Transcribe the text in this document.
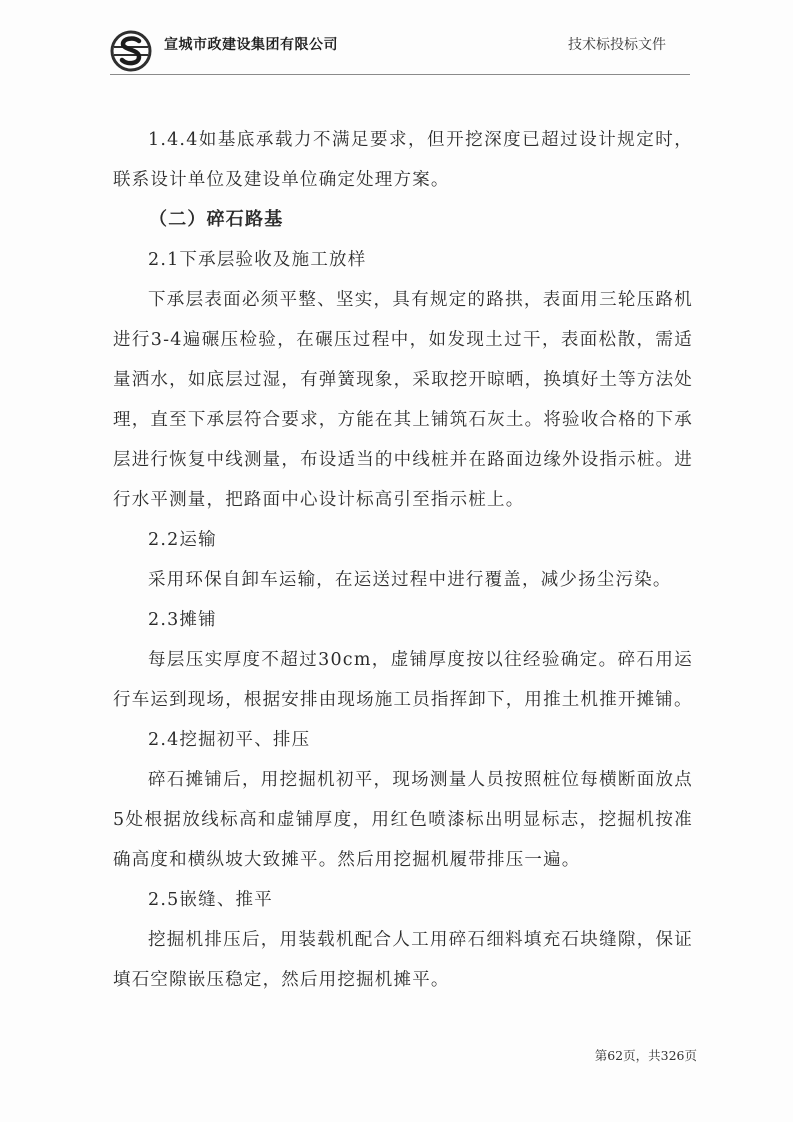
宣城市政建设集团有限公司	技术标投标文件

1.4.4如基底承载力不满足要求，但开挖深度已超过设计规定时，联系设计单位及建设单位确定处理方案。

（二）碎石路基

2.1下承层验收及施工放样

下承层表面必须平整、坚实，具有规定的路拱，表面用三轮压路机进行3-4遍碾压检验，在碾压过程中，如发现土过干，表面松散，需适量洒水，如底层过湿，有弹簧现象，采取挖开晾晒，换填好土等方法处理，直至下承层符合要求，方能在其上铺筑石灰土。将验收合格的下承层进行恢复中线测量，布设适当的中线桩并在路面边缘外设指示桩。进行水平测量，把路面中心设计标高引至指示桩上。

2.2运输

采用环保自卸车运输，在运送过程中进行覆盖，减少扬尘污染。

2.3摊铺

每层压实厚度不超过30cm，虚铺厚度按以往经验确定。碎石用运行车运到现场，根据安排由现场施工员指挥卸下，用推土机推开摊铺。

2.4挖掘初平、排压

碎石摊铺后，用挖掘机初平，现场测量人员按照桩位每横断面放点5处根据放线标高和虚铺厚度，用红色喷漆标出明显标志，挖掘机按准确高度和横纵坡大致摊平。然后用挖掘机履带排压一遍。

2.5嵌缝、推平

挖掘机排压后，用装载机配合人工用碎石细料填充石块缝隙，保证填石空隙嵌压稳定，然后用挖掘机摊平。

第62页，共326页
